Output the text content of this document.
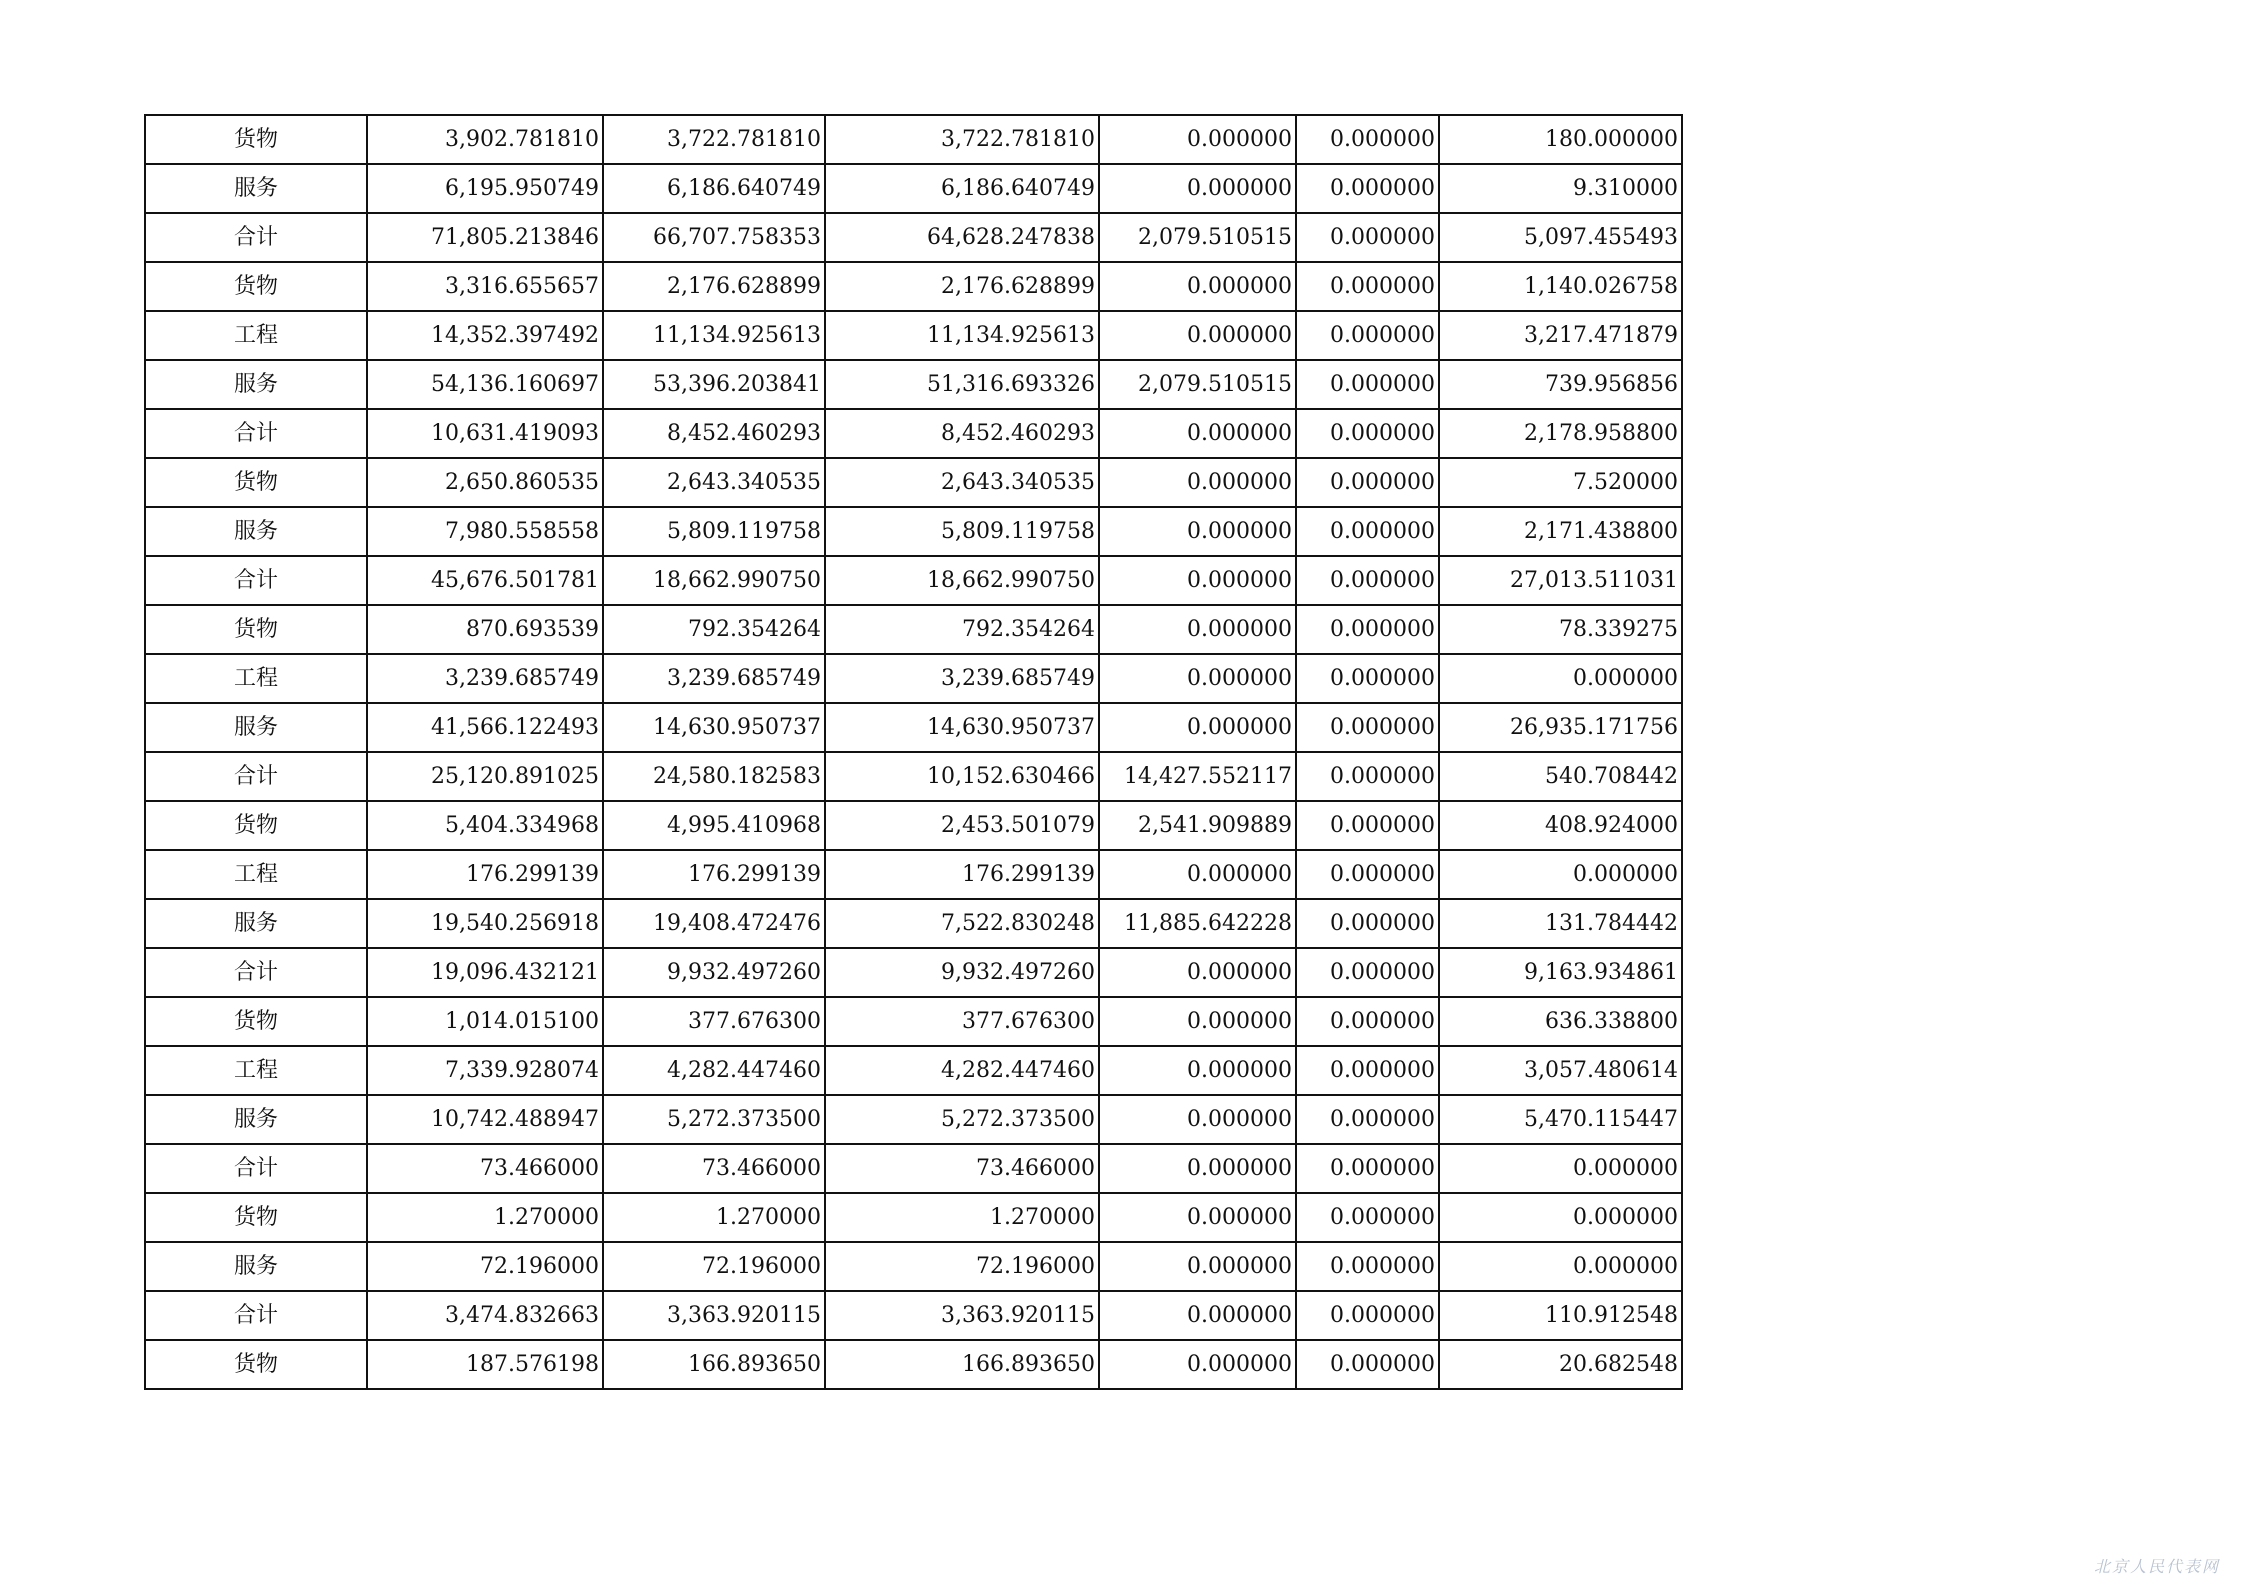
货物	3,902.781810	3,722.781810	3,722.781810	0.000000	0.000000	180.000000
服务	6,195.950749	6,186.640749	6,186.640749	0.000000	0.000000	9.310000
合计	71,805.213846	66,707.758353	64,628.247838	2,079.510515	0.000000	5,097.455493
货物	3,316.655657	2,176.628899	2,176.628899	0.000000	0.000000	1,140.026758
工程	14,352.397492	11,134.925613	11,134.925613	0.000000	0.000000	3,217.471879
服务	54,136.160697	53,396.203841	51,316.693326	2,079.510515	0.000000	739.956856
合计	10,631.419093	8,452.460293	8,452.460293	0.000000	0.000000	2,178.958800
货物	2,650.860535	2,643.340535	2,643.340535	0.000000	0.000000	7.520000
服务	7,980.558558	5,809.119758	5,809.119758	0.000000	0.000000	2,171.438800
合计	45,676.501781	18,662.990750	18,662.990750	0.000000	0.000000	27,013.511031
货物	870.693539	792.354264	792.354264	0.000000	0.000000	78.339275
工程	3,239.685749	3,239.685749	3,239.685749	0.000000	0.000000	0.000000
服务	41,566.122493	14,630.950737	14,630.950737	0.000000	0.000000	26,935.171756
合计	25,120.891025	24,580.182583	10,152.630466	14,427.552117	0.000000	540.708442
货物	5,404.334968	4,995.410968	2,453.501079	2,541.909889	0.000000	408.924000
工程	176.299139	176.299139	176.299139	0.000000	0.000000	0.000000
服务	19,540.256918	19,408.472476	7,522.830248	11,885.642228	0.000000	131.784442
合计	19,096.432121	9,932.497260	9,932.497260	0.000000	0.000000	9,163.934861
货物	1,014.015100	377.676300	377.676300	0.000000	0.000000	636.338800
工程	7,339.928074	4,282.447460	4,282.447460	0.000000	0.000000	3,057.480614
服务	10,742.488947	5,272.373500	5,272.373500	0.000000	0.000000	5,470.115447
合计	73.466000	73.466000	73.466000	0.000000	0.000000	0.000000
货物	1.270000	1.270000	1.270000	0.000000	0.000000	0.000000
服务	72.196000	72.196000	72.196000	0.000000	0.000000	0.000000
合计	3,474.832663	3,363.920115	3,363.920115	0.000000	0.000000	110.912548
货物	187.576198	166.893650	166.893650	0.000000	0.000000	20.682548
北京人民代表网
